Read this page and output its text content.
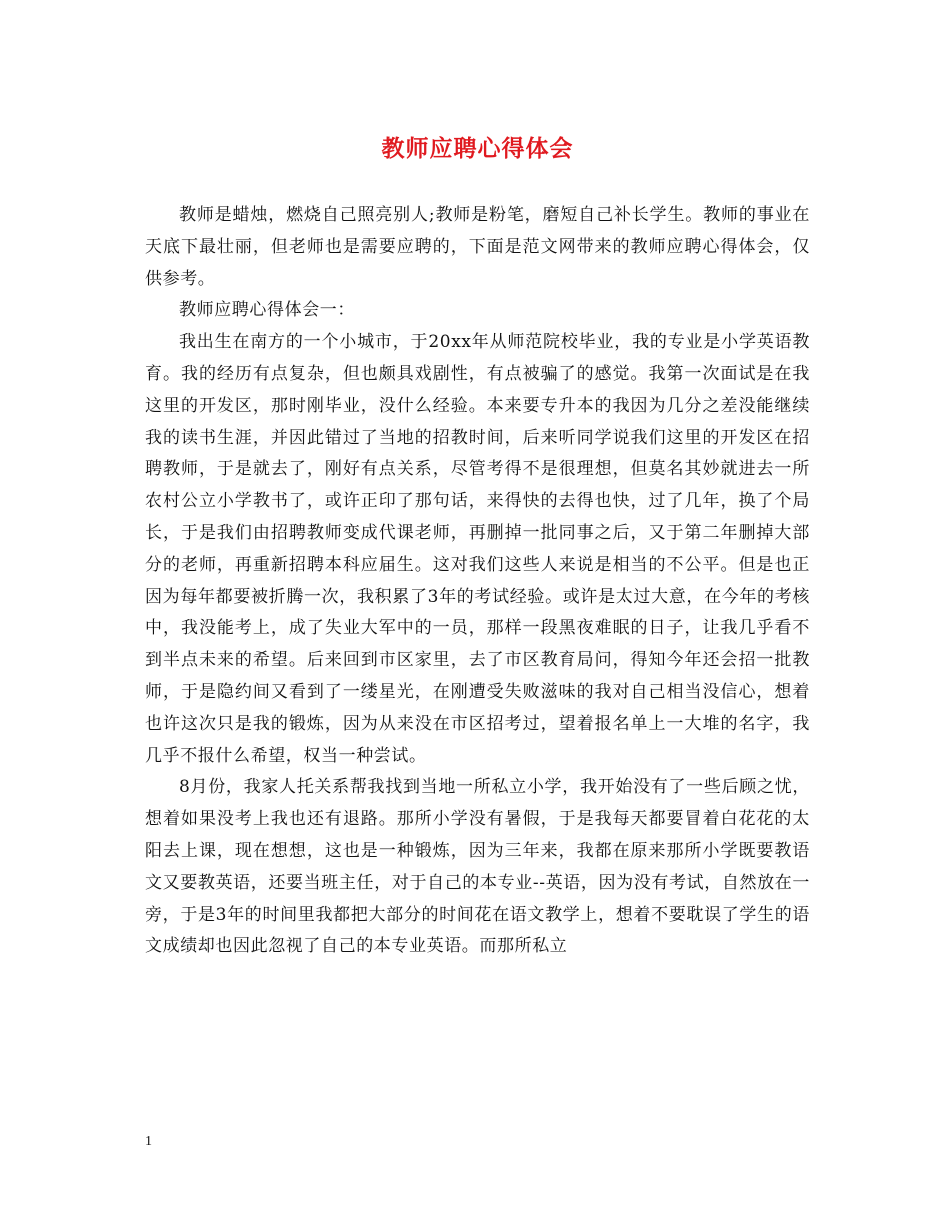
教师应聘心得体会

教师是蜡烛，燃烧自己照亮别人;教师是粉笔，磨短自己补长学生。教师的事业在天底下最壮丽，但老师也是需要应聘的，下面是范文网带来的教师应聘心得体会，仅供参考。

教师应聘心得体会一：

我出生在南方的一个小城市，于20xx年从师范院校毕业，我的专业是小学英语教育。我的经历有点复杂，但也颇具戏剧性，有点被骗了的感觉。我第一次面试是在我这里的开发区，那时刚毕业，没什么经验。本来要专升本的我因为几分之差没能继续我的读书生涯，并因此错过了当地的招教时间，后来听同学说我们这里的开发区在招聘教师，于是就去了，刚好有点关系，尽管考得不是很理想，但莫名其妙就进去一所农村公立小学教书了，或许正印了那句话，来得快的去得也快，过了几年，换了个局长，于是我们由招聘教师变成代课老师，再删掉一批同事之后，又于第二年删掉大部分的老师，再重新招聘本科应届生。这对我们这些人来说是相当的不公平。但是也正因为每年都要被折腾一次，我积累了3年的考试经验。或许是太过大意，在今年的考核中，我没能考上，成了失业大军中的一员，那样一段黑夜难眠的日子，让我几乎看不到半点未来的希望。后来回到市区家里，去了市区教育局问，得知今年还会招一批教师，于是隐约间又看到了一缕星光，在刚遭受失败滋味的我对自己相当没信心，想着也许这次只是我的锻炼，因为从来没在市区招考过，望着报名单上一大堆的名字，我几乎不报什么希望，权当一种尝试。

8月份，我家人托关系帮我找到当地一所私立小学，我开始没有了一些后顾之忧，想着如果没考上我也还有退路。那所小学没有暑假，于是我每天都要冒着白花花的太阳去上课，现在想想，这也是一种锻炼，因为三年来，我都在原来那所小学既要教语文又要教英语，还要当班主任，对于自己的本专业--英语，因为没有考试，自然放在一旁，于是3年的时间里我都把大部分的时间花在语文教学上，想着不要耽误了学生的语文成绩却也因此忽视了自己的本专业英语。而那所私立

1
